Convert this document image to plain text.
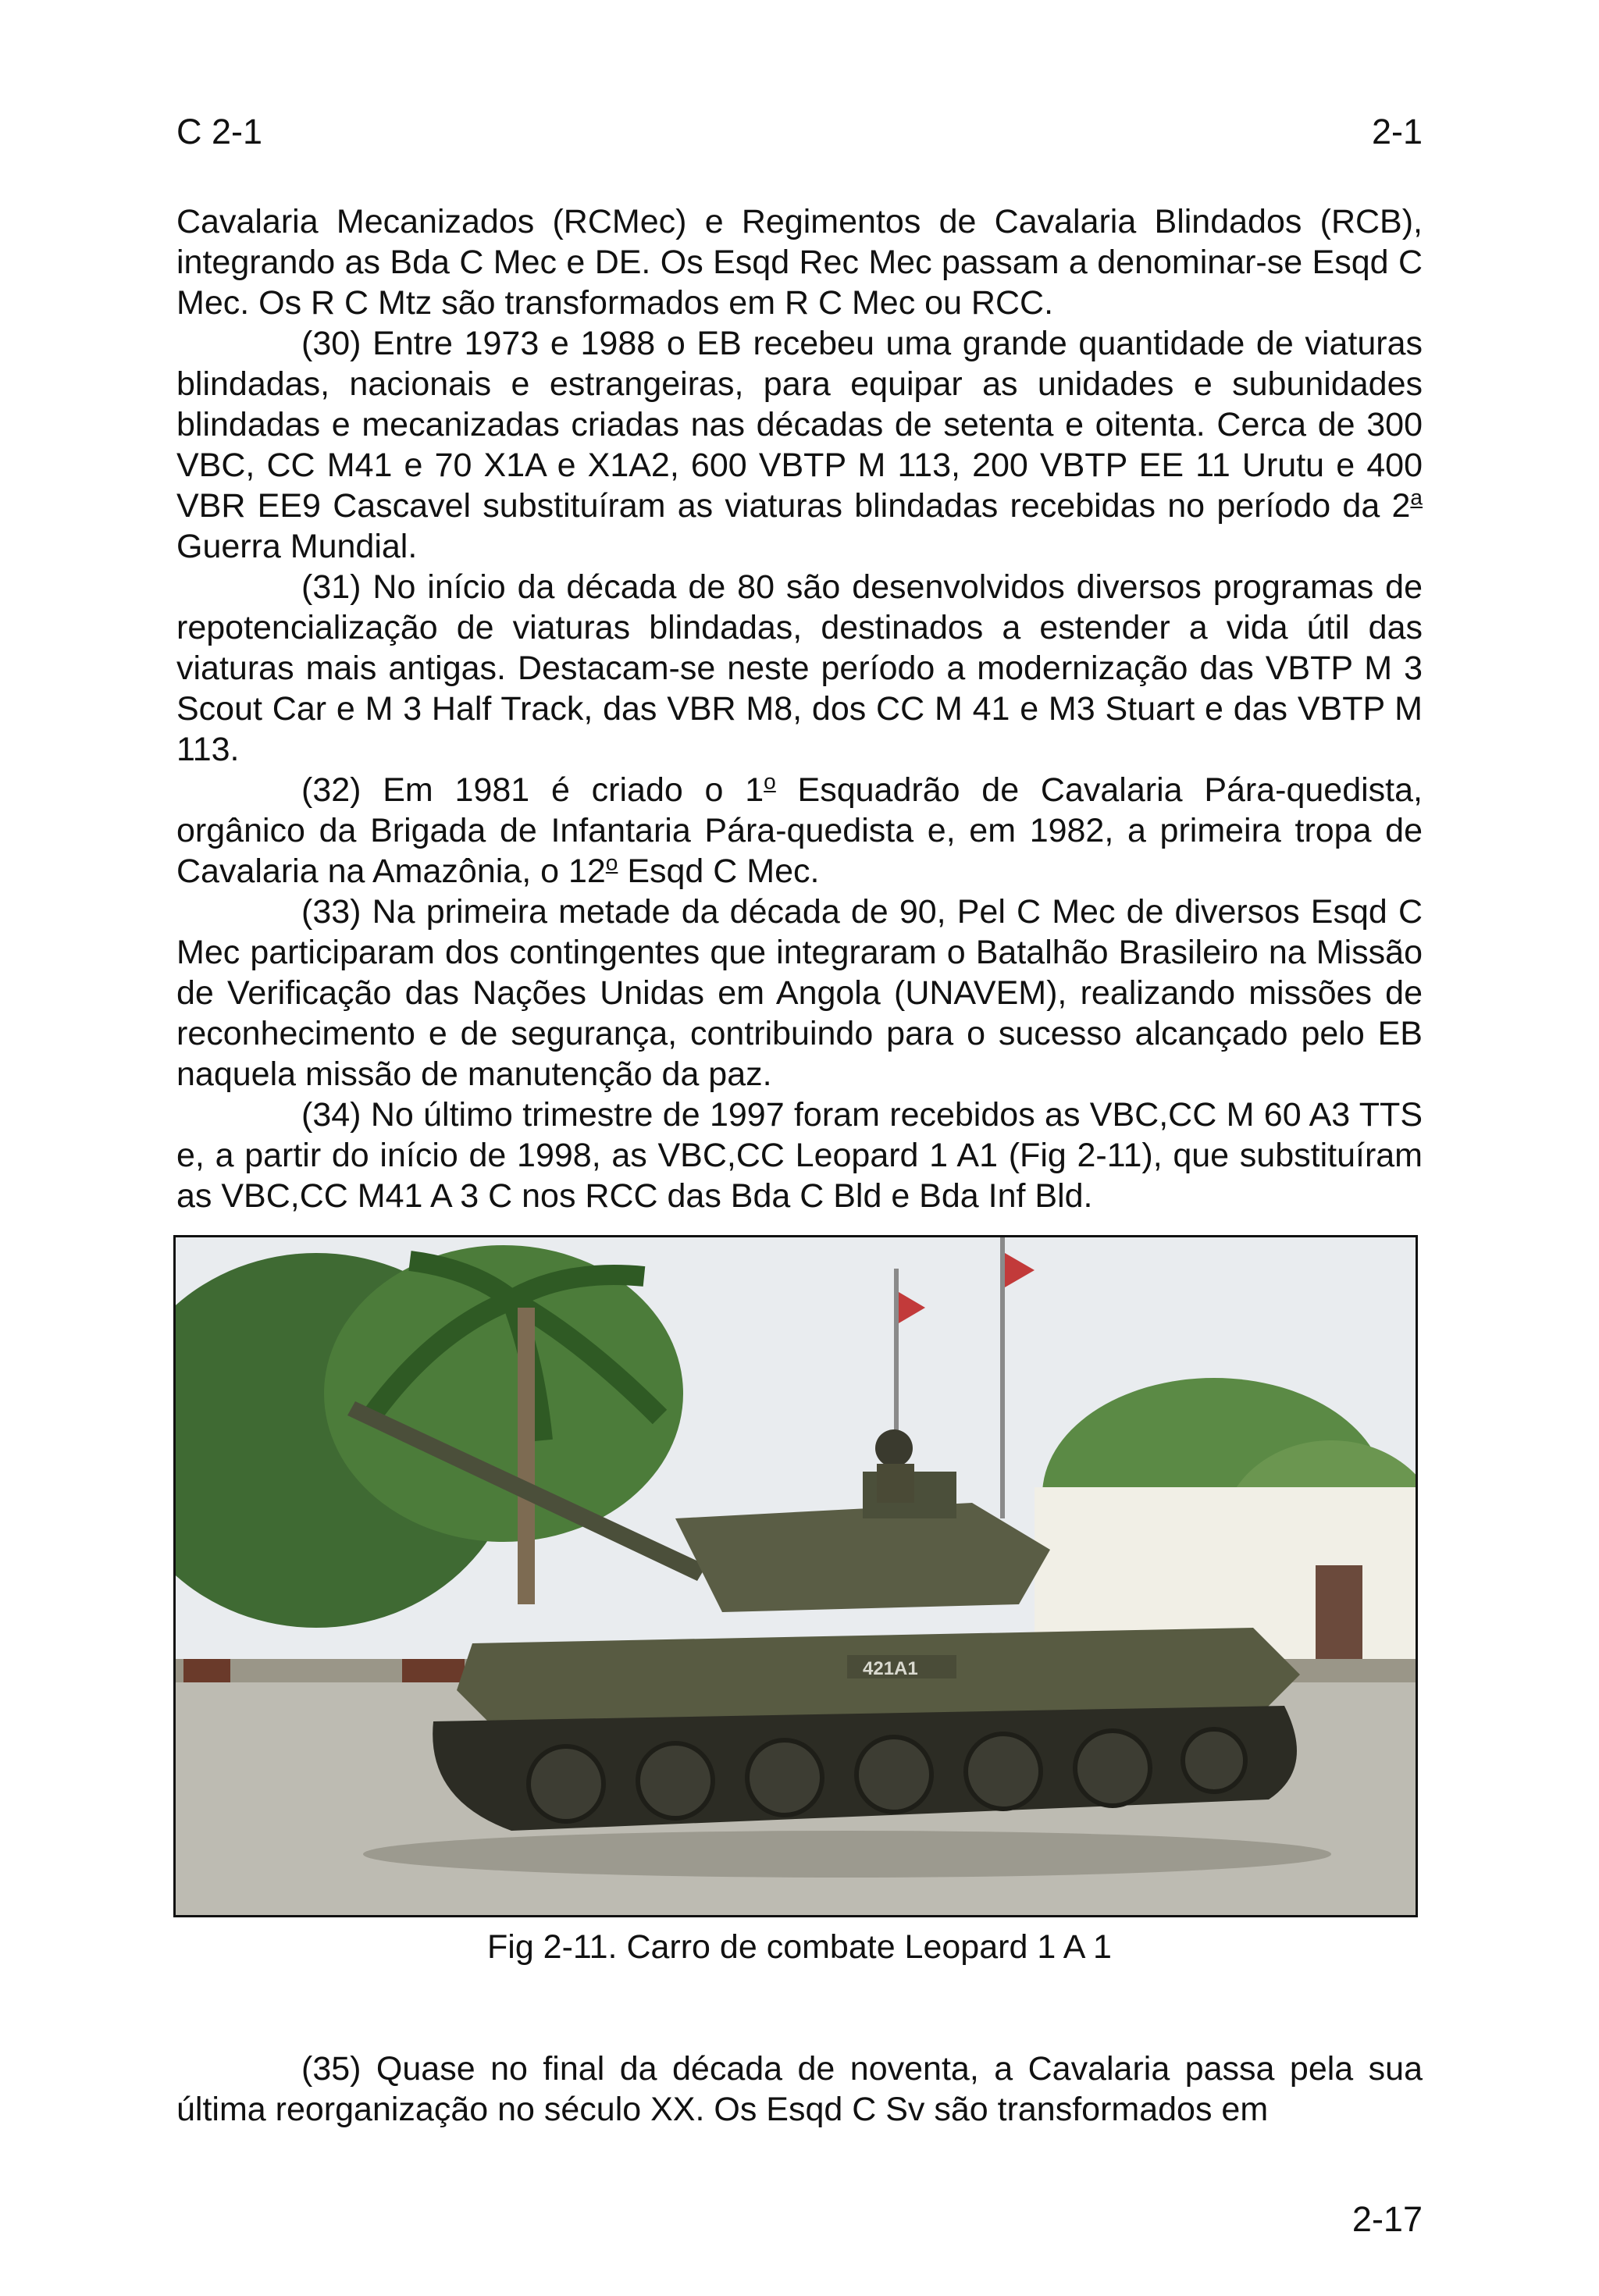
C 2-1	2-1

Cavalaria Mecanizados (RCMec) e Regimentos de Cavalaria Blindados (RCB), integrando as Bda C Mec e DE. Os Esqd Rec Mec passam a denominar-se Esqd C Mec. Os R C Mtz são transformados em R C Mec ou RCC.

(30) Entre 1973 e 1988 o EB recebeu uma grande quantidade de viaturas blindadas, nacionais e estrangeiras, para equipar as unidades e subunidades blindadas e mecanizadas criadas nas décadas de setenta e oitenta. Cerca de 300 VBC, CC M41 e 70 X1A e X1A2, 600 VBTP M 113, 200 VBTP EE 11 Urutu e 400 VBR EE9 Cascavel substituíram as viaturas blindadas recebidas no período da 2$^a$ Guerra Mundial.

(31) No início da década de 80 são desenvolvidos diversos programas de repotencialização de viaturas blindadas, destinados a estender a vida útil das viaturas mais antigas. Destacam-se neste período a modernização das VBTP M 3 Scout Car e M 3 Half Track, das VBR M8, dos CC M 41 e M3 Stuart e das VBTP M 113.

(32) Em 1981 é criado o 1$^o$ Esquadrão de Cavalaria Pára-quedista, orgânico da Brigada de Infantaria Pára-quedista e, em 1982, a primeira tropa de Cavalaria na Amazônia, o 12$^o$ Esqd C Mec.

(33) Na primeira metade da década de 90, Pel C Mec de diversos Esqd C Mec participaram dos contingentes que integraram o Batalhão Brasileiro na Missão de Verificação das Nações Unidas em Angola (UNAVEM), realizando missões de reconhecimento e de segurança, contribuindo para o sucesso alcançado pelo EB naquela missão de manutenção da paz.

(34) No último trimestre de 1997 foram recebidos as VBC,CC M 60 A3 TTS e, a partir do início de 1998, as VBC,CC Leopard 1 A1 (Fig 2-11), que substituíram as VBC,CC M41 A 3 C nos RCC das Bda C Bld e Bda Inf Bld.

421A1
Fig 2-11. Carro de combate Leopard 1 A 1

(35) Quase no final da década de noventa, a Cavalaria passa pela sua última reorganização no século XX. Os Esqd C Sv são transformados em

2-17
